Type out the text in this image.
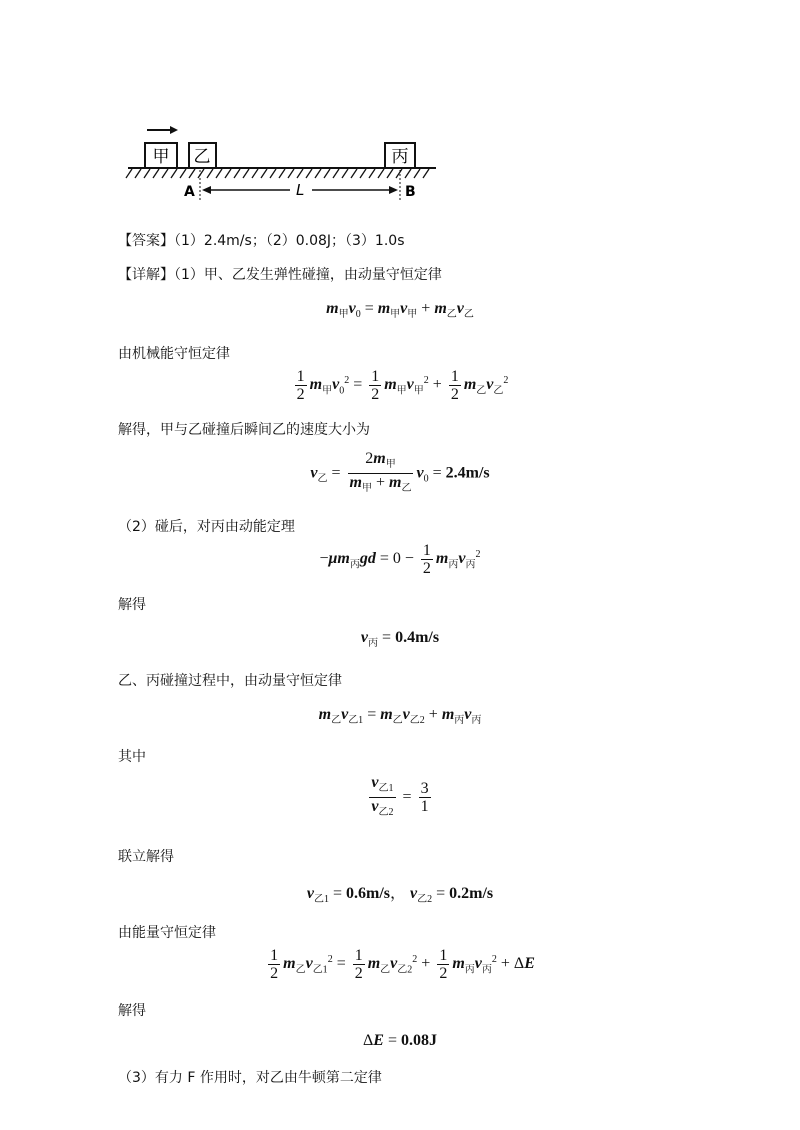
甲 乙	丙
A	B
L
【答案】（1）2.4m/s；（2）0.08J；（3）1.0s
【详解】（1）甲、乙发生弹性碰撞，由动量守恒定律
$m_甲v_0 = m_甲v_甲 + m_乙v_乙$
由机械能守恒定律
$\frac{1}{2} m_甲v_0^2 = \frac{1}{2} m_甲v_甲^2 + \frac{1}{2} m_乙v_乙^2$
解得，甲与乙碰撞后瞬间乙的速度大小为
$v_乙 = \frac{2m_甲}{m_甲 + m_乙} v_0 = 2.4m/s$
（2）碰后，对丙由动能定理
$-\mu m_丙gd = 0 - \frac{1}{2} m_丙v_丙^2$
解得
$v_丙 = 0.4m/s$
乙、丙碰撞过程中，由动量守恒定律
$m_乙v_{乙1} = m_乙v_{乙2} + m_丙v_丙$
其中
$\frac{v_{乙1}}{v_{乙2}} = \frac{3}{1}$
联立解得
$v_{乙1} = 0.6m/s$， $v_{乙2} = 0.2m/s$
由能量守恒定律
$\frac{1}{2} m_乙v_{乙1}^2 = \frac{1}{2} m_乙v_{乙2}^2 + \frac{1}{2} m_丙v_丙^2 + \Delta E$
解得
ΔE = 0.08J
（3）有力 F 作用时，对乙由牛顿第二定律
